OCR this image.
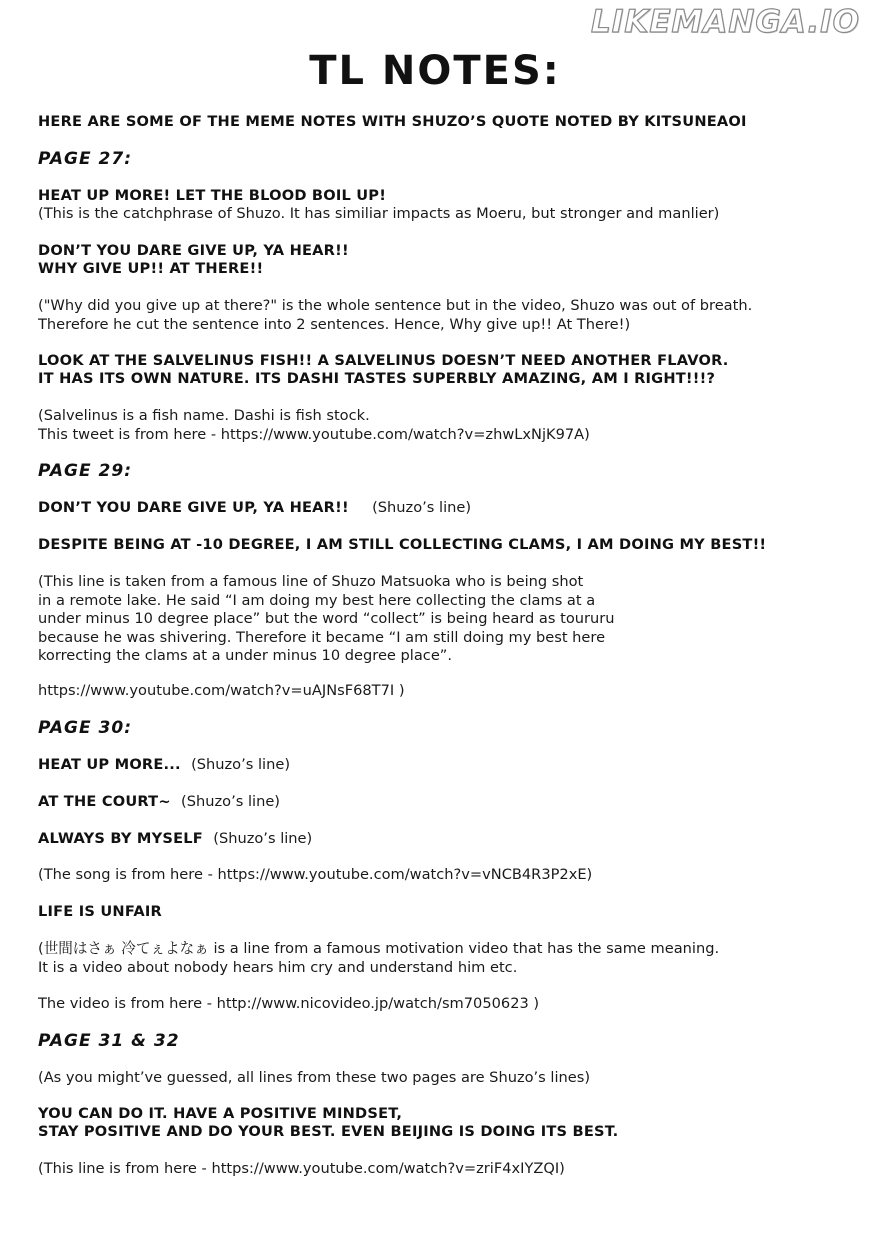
LIKEMANGA.IO
TL NOTES:
HERE ARE SOME OF THE MEME NOTES WITH SHUZO’S QUOTE NOTED BY KITSUNEAOI
PAGE 27:
HEAT UP MORE! LET THE BLOOD BOIL UP!
(This is the catchphrase of Shuzo. It has similiar impacts as Moeru, but stronger and manlier)
DON’T YOU DARE GIVE UP, YA HEAR!!
WHY GIVE UP!! AT THERE!!
("Why did you give up at there?" is the whole sentence but in the video, Shuzo was out of breath.
Therefore he cut the sentence into 2 sentences. Hence, Why give up!! At There!)
LOOK AT THE SALVELINUS FISH!! A SALVELINUS DOESN’T NEED ANOTHER FLAVOR.
IT HAS ITS OWN NATURE. ITS DASHI TASTES SUPERBLY AMAZING, AM I RIGHT!!!?
(Salvelinus is a fish name. Dashi is fish stock.
This tweet is from here - https://www.youtube.com/watch?v=zhwLxNjK97A)
PAGE 29:
DON’T YOU DARE GIVE UP, YA HEAR!! (Shuzo’s line)
DESPITE BEING AT -10 DEGREE, I AM STILL COLLECTING CLAMS, I AM DOING MY BEST!!
(This line is taken from a famous line of Shuzo Matsuoka who is being shot
in a remote lake. He said “I am doing my best here collecting the clams at a
under minus 10 degree place” but the word “collect” is being heard as toururu
because he was shivering. Therefore it became “I am still doing my best here
korrecting the clams at a under minus 10 degree place”.
https://www.youtube.com/watch?v=uAJNsF68T7I )
PAGE 30:
HEAT UP MORE... (Shuzo’s line)
AT THE COURT~ (Shuzo’s line)
ALWAYS BY MYSELF (Shuzo’s line)
(The song is from here - https://www.youtube.com/watch?v=vNCB4R3P2xE)
LIFE IS UNFAIR
(世間はさぁ 冷てぇよなぁ is a line from a famous motivation video that has the same meaning.
It is a video about nobody hears him cry and understand him etc.
The video is from here - http://www.nicovideo.jp/watch/sm7050623 )
PAGE 31 & 32
(As you might’ve guessed, all lines from these two pages are Shuzo’s lines)
YOU CAN DO IT. HAVE A POSITIVE MINDSET,
STAY POSITIVE AND DO YOUR BEST. EVEN BEIJING IS DOING ITS BEST.
(This line is from here - https://www.youtube.com/watch?v=zriF4xIYZQI)
